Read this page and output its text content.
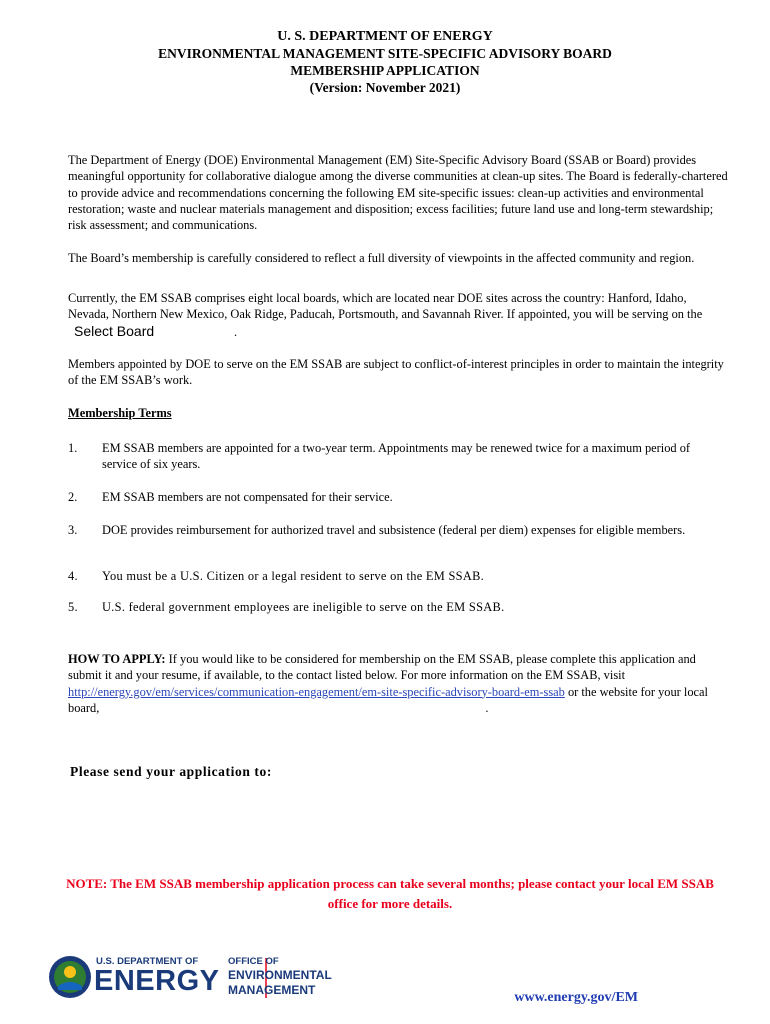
U. S. DEPARTMENT OF ENERGY
ENVIRONMENTAL MANAGEMENT SITE-SPECIFIC ADVISORY BOARD
MEMBERSHIP APPLICATION
(Version: November 2021)
The Department of Energy (DOE) Environmental Management (EM) Site-Specific Advisory Board (SSAB or Board) provides meaningful opportunity for collaborative dialogue among the diverse communities at clean-up sites. The Board is federally-chartered to provide advice and recommendations concerning the following EM site-specific issues: clean-up activities and environmental restoration; waste and nuclear materials management and disposition; excess facilities; future land use and long-term stewardship; risk assessment; and communications.
The Board’s membership is carefully considered to reflect a full diversity of viewpoints in the affected community and region.
Currently, the EM SSAB comprises eight local boards, which are located near DOE sites across the country: Hanford, Idaho, Nevada, Northern New Mexico, Oak Ridge, Paducah, Portsmouth, and Savannah River. If appointed, you will be serving on the Select Board	.
Members appointed by DOE to serve on the EM SSAB are subject to conflict-of-interest principles in order to maintain the integrity of the EM SSAB’s work.
Membership Terms
1. EM SSAB members are appointed for a two-year term. Appointments may be renewed twice for a maximum period of service of six years.
2. EM SSAB members are not compensated for their service.
3. DOE provides reimbursement for authorized travel and subsistence (federal per diem) expenses for eligible members.
4. You must be a U.S. Citizen or a legal resident to serve on the EM SSAB.
5. U.S. federal government employees are ineligible to serve on the EM SSAB.
HOW TO APPLY: If you would like to be considered for membership on the EM SSAB, please complete this application and submit it and your resume, if available, to the contact listed below. For more information on the EM SSAB, visit http://energy.gov/em/services/communication-engagement/em-site-specific-advisory-board-em-ssab or the website for your local board,	.
Please send your application to:
NOTE: The EM SSAB membership application process can take several months; please contact your local EM SSAB office for more details.
U.S. DEPARTMENT OF
ENERGY
OFFICE OF
ENVIRONMENTAL
MANAGEMENT	www.energy.gov/EM
